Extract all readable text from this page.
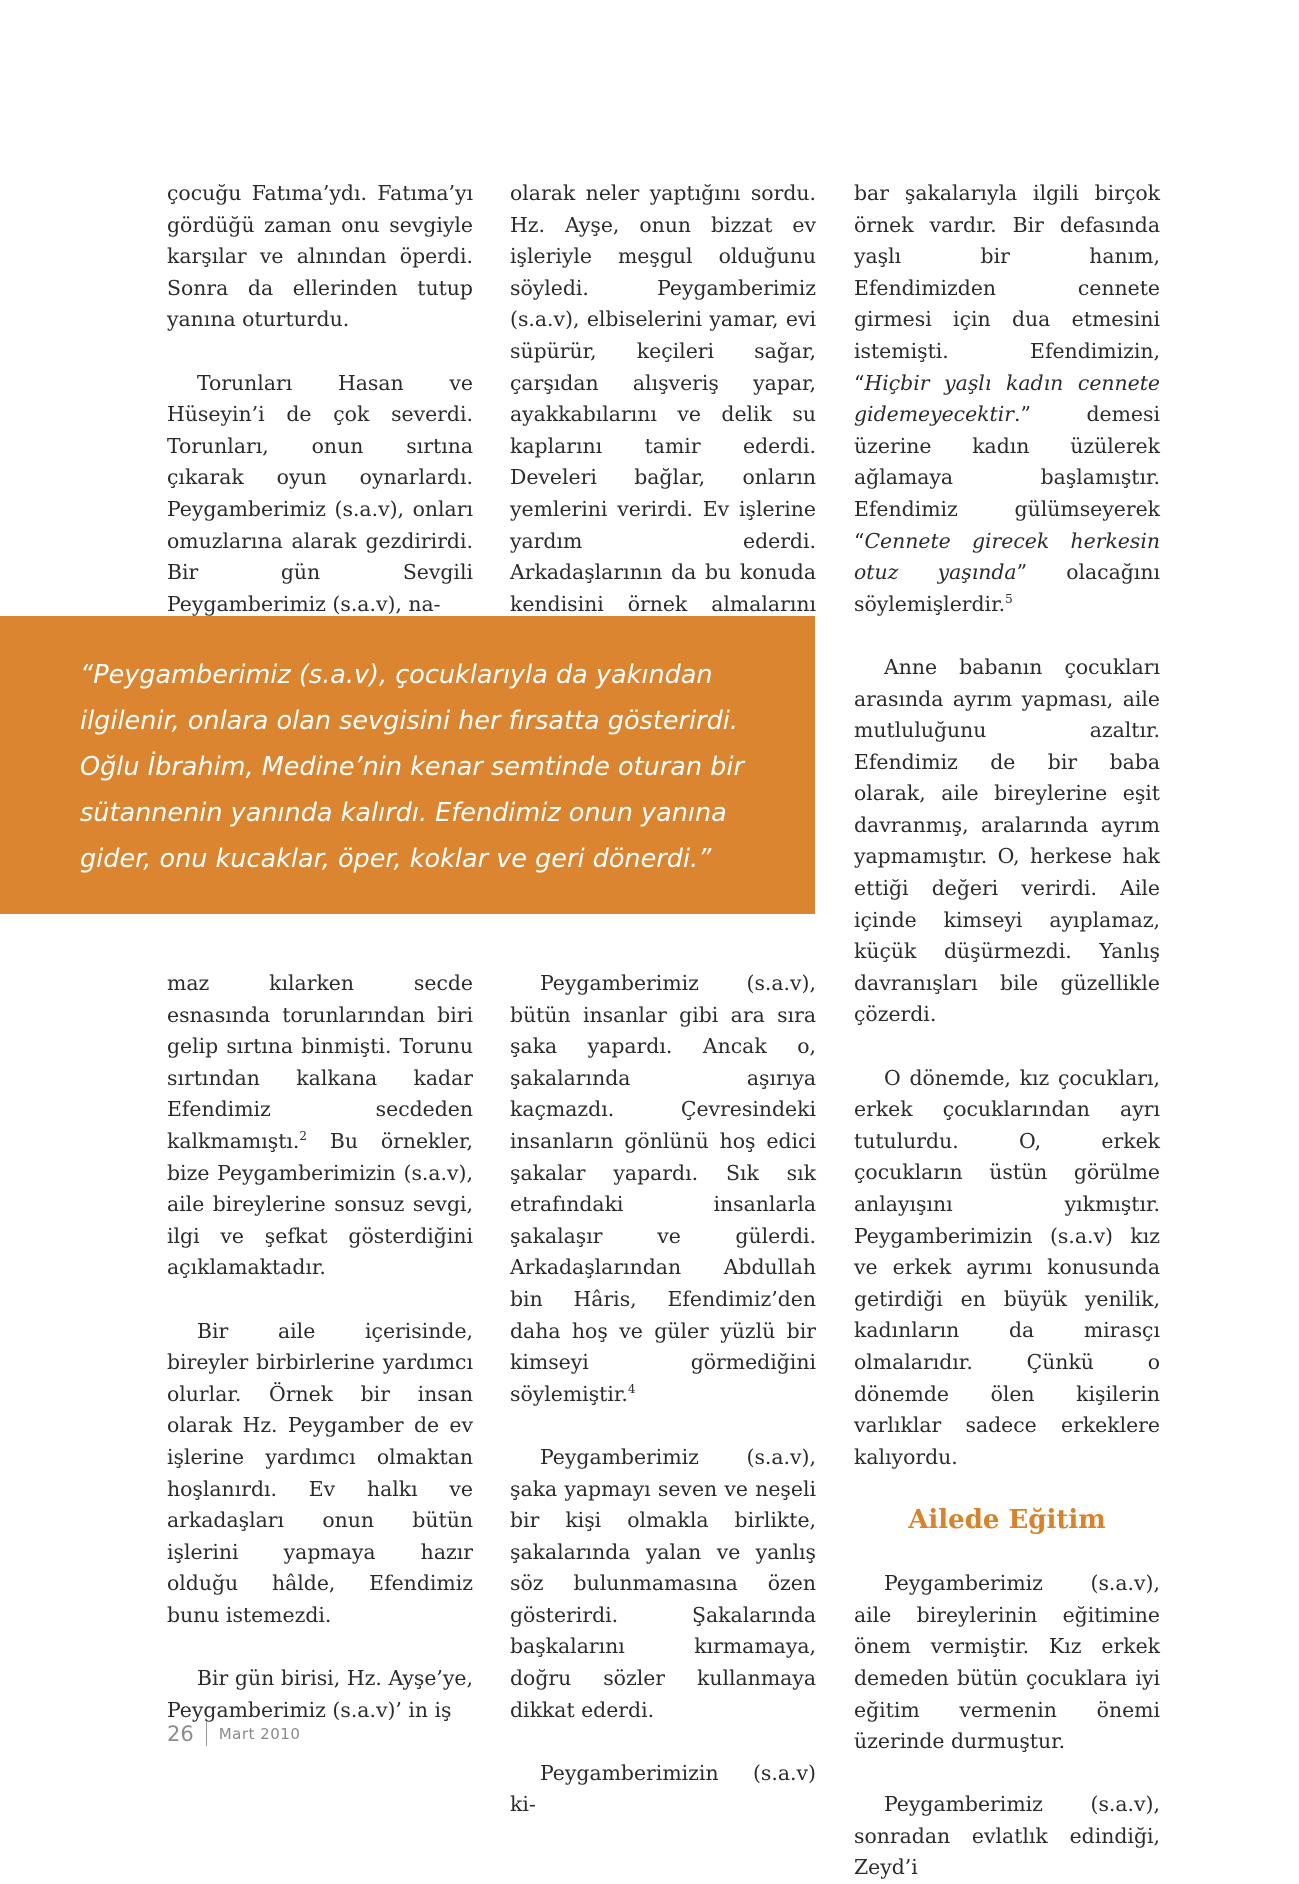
çocuğu Fatıma’ydı. Fatıma’yı gördüğü zaman onu sevgiyle karşılar ve alnından öperdi. Sonra da ellerinden tutup yanına oturturdu.

Torunları Hasan ve Hüseyin’i de çok severdi. Torunları, onun sırtına çıkarak oyun oynarlardı. Peygamberimiz (s.a.v), onları omuzlarına alarak gezdirirdi. Bir gün Sevgili Peygamberimiz (s.a.v), na-

olarak neler yaptığını sordu. Hz. Ayşe, onun bizzat ev işleriyle meşgul olduğunu söyledi. Peygamberimiz (s.a.v), elbiselerini yamar, evi süpürür, keçileri sağar, çarşıdan alışveriş yapar, ayakkabılarını ve delik su kaplarını tamir ederdi. Develeri bağlar, onların yemlerini verirdi. Ev işlerine yardım ederdi. Arkadaşlarının da bu konuda kendisini örnek almalarını

bar şakalarıyla ilgili birçok örnek vardır. Bir defasında yaşlı bir hanım, Efendimizden cennete girmesi için dua etmesini istemişti. Efendimizin, “Hiçbir yaşlı kadın cennete gidemeyecektir.” demesi üzerine kadın üzülerek ağlamaya başlamıştır. Efendimiz gülümseyerek “Cennete girecek herkesin otuz yaşında” olacağını söylemişlerdir.$^5$

Anne babanın çocukları arasında ayrım yapması, aile mutluluğunu azaltır. Efendimiz de bir baba olarak, aile bireylerine eşit davranmış, aralarında ayrım yapmamıştır. O, herkese hak ettiği değeri verirdi. Aile içinde kimseyi ayıplamaz, küçük düşürmezdi. Yanlış davranışları bile güzellikle çözerdi.

O dönemde, kız çocukları, erkek çocuklarından ayrı tutulurdu. O, erkek çocukların üstün görülme anlayışını yıkmıştır. Peygamberimizin (s.a.v) kız ve erkek ayrımı konusunda getirdiği en büyük yenilik, kadınların da mirasçı olmalarıdır. Çünkü o dönemde ölen kişilerin varlıklar sadece erkeklere kalıyordu.

Ailede Eğitim

Peygamberimiz (s.a.v), aile bireylerinin eğitimine önem vermiştir. Kız erkek demeden bütün çocuklara iyi eğitim vermenin önemi üzerinde durmuştur.

Peygamberimiz (s.a.v), sonradan evlatlık edindiği, Zeyd’i

“Peygamberimiz (s.a.v), çocuklarıyla da yakından ilgilenir, onlara olan sevgisini her fırsatta gösterirdi. Oğlu İbrahim, Medine’nin kenar semtinde oturan bir sütannenin yanında kalırdı. Efendimiz onun yanına gider, onu kucaklar, öper, koklar ve geri dönerdi.”

maz kılarken secde esnasında torunlarından biri gelip sırtına binmişti. Torunu sırtından kalkana kadar Efendimiz secdeden kalkmamıştı.$^2$ Bu örnekler, bize Peygamberimizin (s.a.v), aile bireylerine sonsuz sevgi, ilgi ve şefkat gösterdiğini açıklamaktadır.

Bir aile içerisinde, bireyler birbirlerine yardımcı olurlar. Örnek bir insan olarak Hz. Peygamber de ev işlerine yardımcı olmaktan hoşlanırdı. Ev halkı ve arkadaşları onun bütün işlerini yapmaya hazır olduğu hâlde, Efendimiz bunu istemezdi.

Bir gün birisi, Hz. Ayşe’ye, Peygamberimiz (s.a.v)’ in iş

Peygamberimiz (s.a.v), bütün insanlar gibi ara sıra şaka yapardı. Ancak o, şakalarında aşırıya kaçmazdı. Çevresindeki insanların gönlünü hoş edici şakalar yapardı. Sık sık etrafındaki insanlarla şakalaşır ve gülerdi. Arkadaşlarından Abdullah bin Hâris, Efendimiz’den daha hoş ve güler yüzlü bir kimseyi görmediğini söylemiştir.$^4$

Peygamberimiz (s.a.v), şaka yapmayı seven ve neşeli bir kişi olmakla birlikte, şakalarında yalan ve yanlış söz bulunmamasına özen gösterirdi. Şakalarında başkalarını kırmamaya, doğru sözler kullanmaya dikkat ederdi.

Peygamberimizin (s.a.v) ki-

26 Mart 2010
